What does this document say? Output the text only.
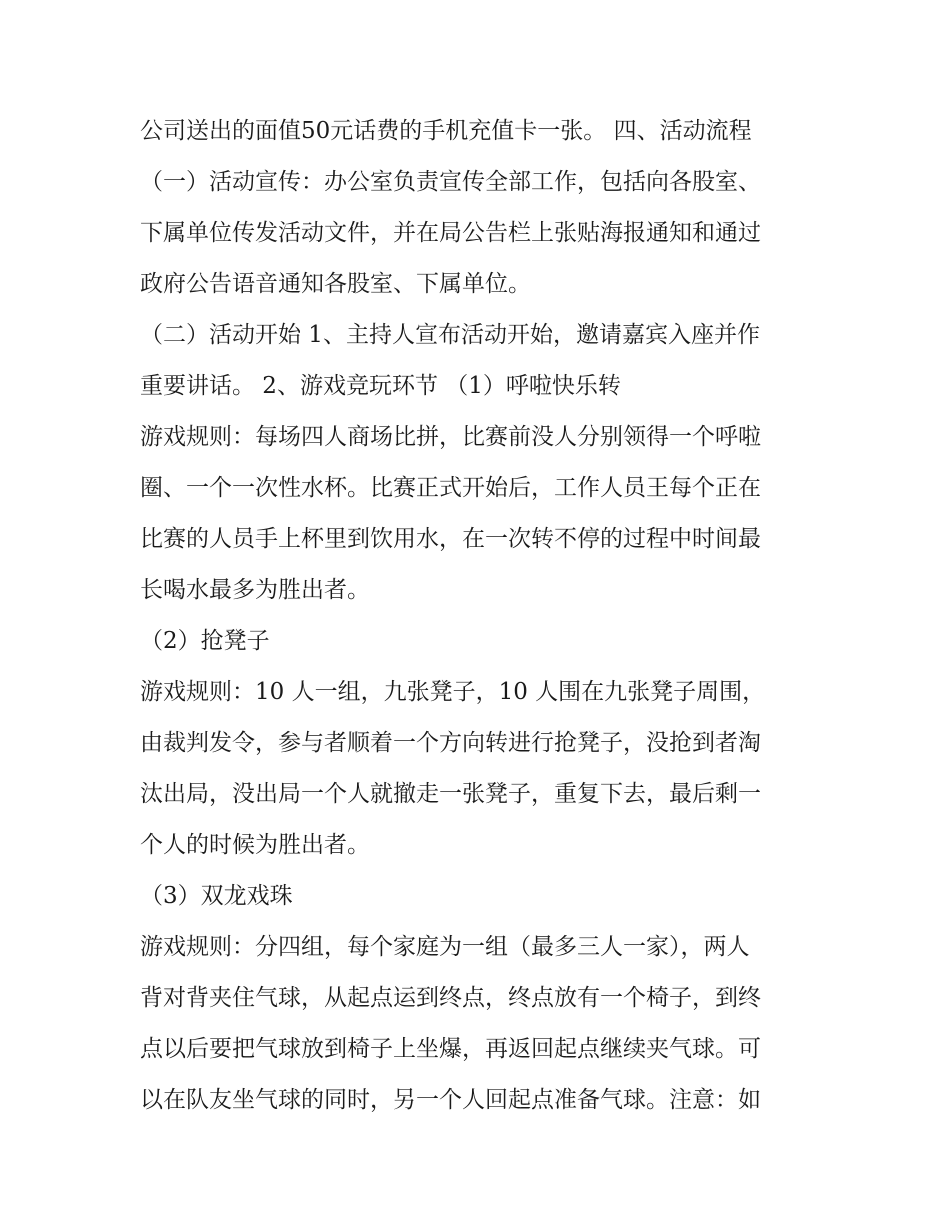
公司送出的面值50元话费的手机充值卡一张。 四、活动流程
（一）活动宣传：办公室负责宣传全部工作，包括向各股室、
下属单位传发活动文件，并在局公告栏上张贴海报通知和通过
政府公告语音通知各股室、下属单位。
（二）活动开始 1、主持人宣布活动开始，邀请嘉宾入座并作
重要讲话。 2、游戏竞玩环节 （1）呼啦快乐转
游戏规则：每场四人商场比拼，比赛前没人分别领得一个呼啦
圈、一个一次性水杯。比赛正式开始后，工作人员王每个正在
比赛的人员手上杯里到饮用水，在一次转不停的过程中时间最
长喝水最多为胜出者。
（2）抢凳子
游戏规则：10 人一组，九张凳子，10 人围在九张凳子周围，
由裁判发令，参与者顺着一个方向转进行抢凳子，没抢到者淘
汰出局，没出局一个人就撤走一张凳子，重复下去，最后剩一
个人的时候为胜出者。
（3）双龙戏珠
游戏规则：分四组，每个家庭为一组（最多三人一家），两人
背对背夹住气球，从起点运到终点，终点放有一个椅子，到终
点以后要把气球放到椅子上坐爆，再返回起点继续夹气球。可
以在队友坐气球的同时，另一个人回起点准备气球。注意：如
